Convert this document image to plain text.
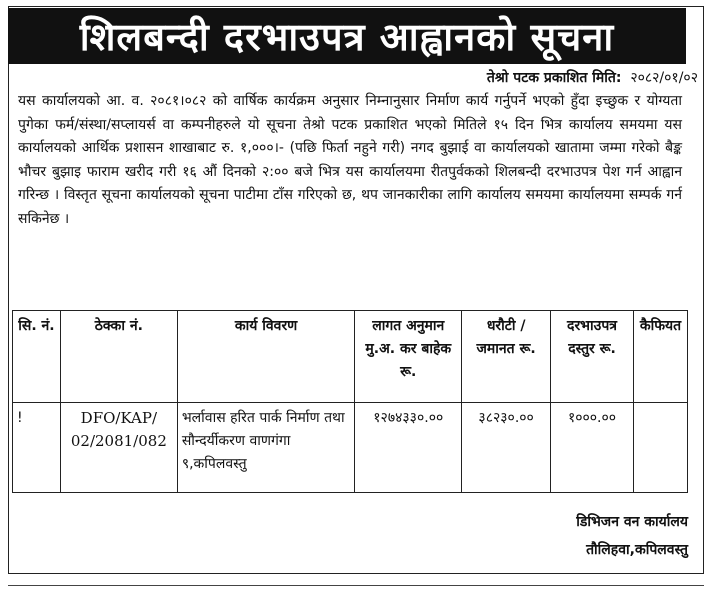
शिलबन्दी दरभाउपत्र आह्वानको सूचना
तेश्रो पटक प्रकाशित मिति: २०८२/०१/०२

यस कार्यालयको आ. व. २०८१।०८२ को वार्षिक कार्यक्रम अनुसार निम्नानुसार निर्माण कार्य गर्नुपर्ने भएको हुँदा इच्छुक र योग्यता पुगेका फर्म/संस्था/सप्लायर्स वा कम्पनीहरुले यो सूचना तेश्रो पटक प्रकाशित भएको मितिले १५ दिन भित्र कार्यालय समयमा यस कार्यालयको आर्थिक प्रशासन शाखाबाट रु. १,०००।- (पछि फिर्ता नहुने गरी) नगद बुझाई वा कार्यालयको खातामा जम्मा गरेको बैङ्क भौचर बुझाइ फाराम खरीद गरी १६ औं दिनको २:०० बजे भित्र यस कार्यालयमा रीतपुर्वकको शिलबन्दी दरभाउपत्र पेश गर्न आह्वान गरिन्छ । विस्तृत सूचना कार्यालयको सूचना पाटीमा टाँस गरिएको छ, थप जानकारीका लागि कार्यालय समयमा कार्यालयमा सम्पर्क गर्न सकिनेछ ।

सि. नं.	ठेक्का नं.	कार्य विवरण	लागत अनुमान मु.अ. कर बाहेक रू.	धरौटी / जमानत रू.	दरभाउपत्र दस्तुर रू.	कैफियत
!	DFO/KAP/ 02/2081/082	भर्लावास हरित पार्क निर्माण तथा सौन्दर्यीकरण वाणगंगा ९,कपिलवस्तु	१२७४३३०.००	३८२३०.००	१०००.००	
डिभिजन वन कार्यालय
तौलिहवा,कपिलवस्तु
